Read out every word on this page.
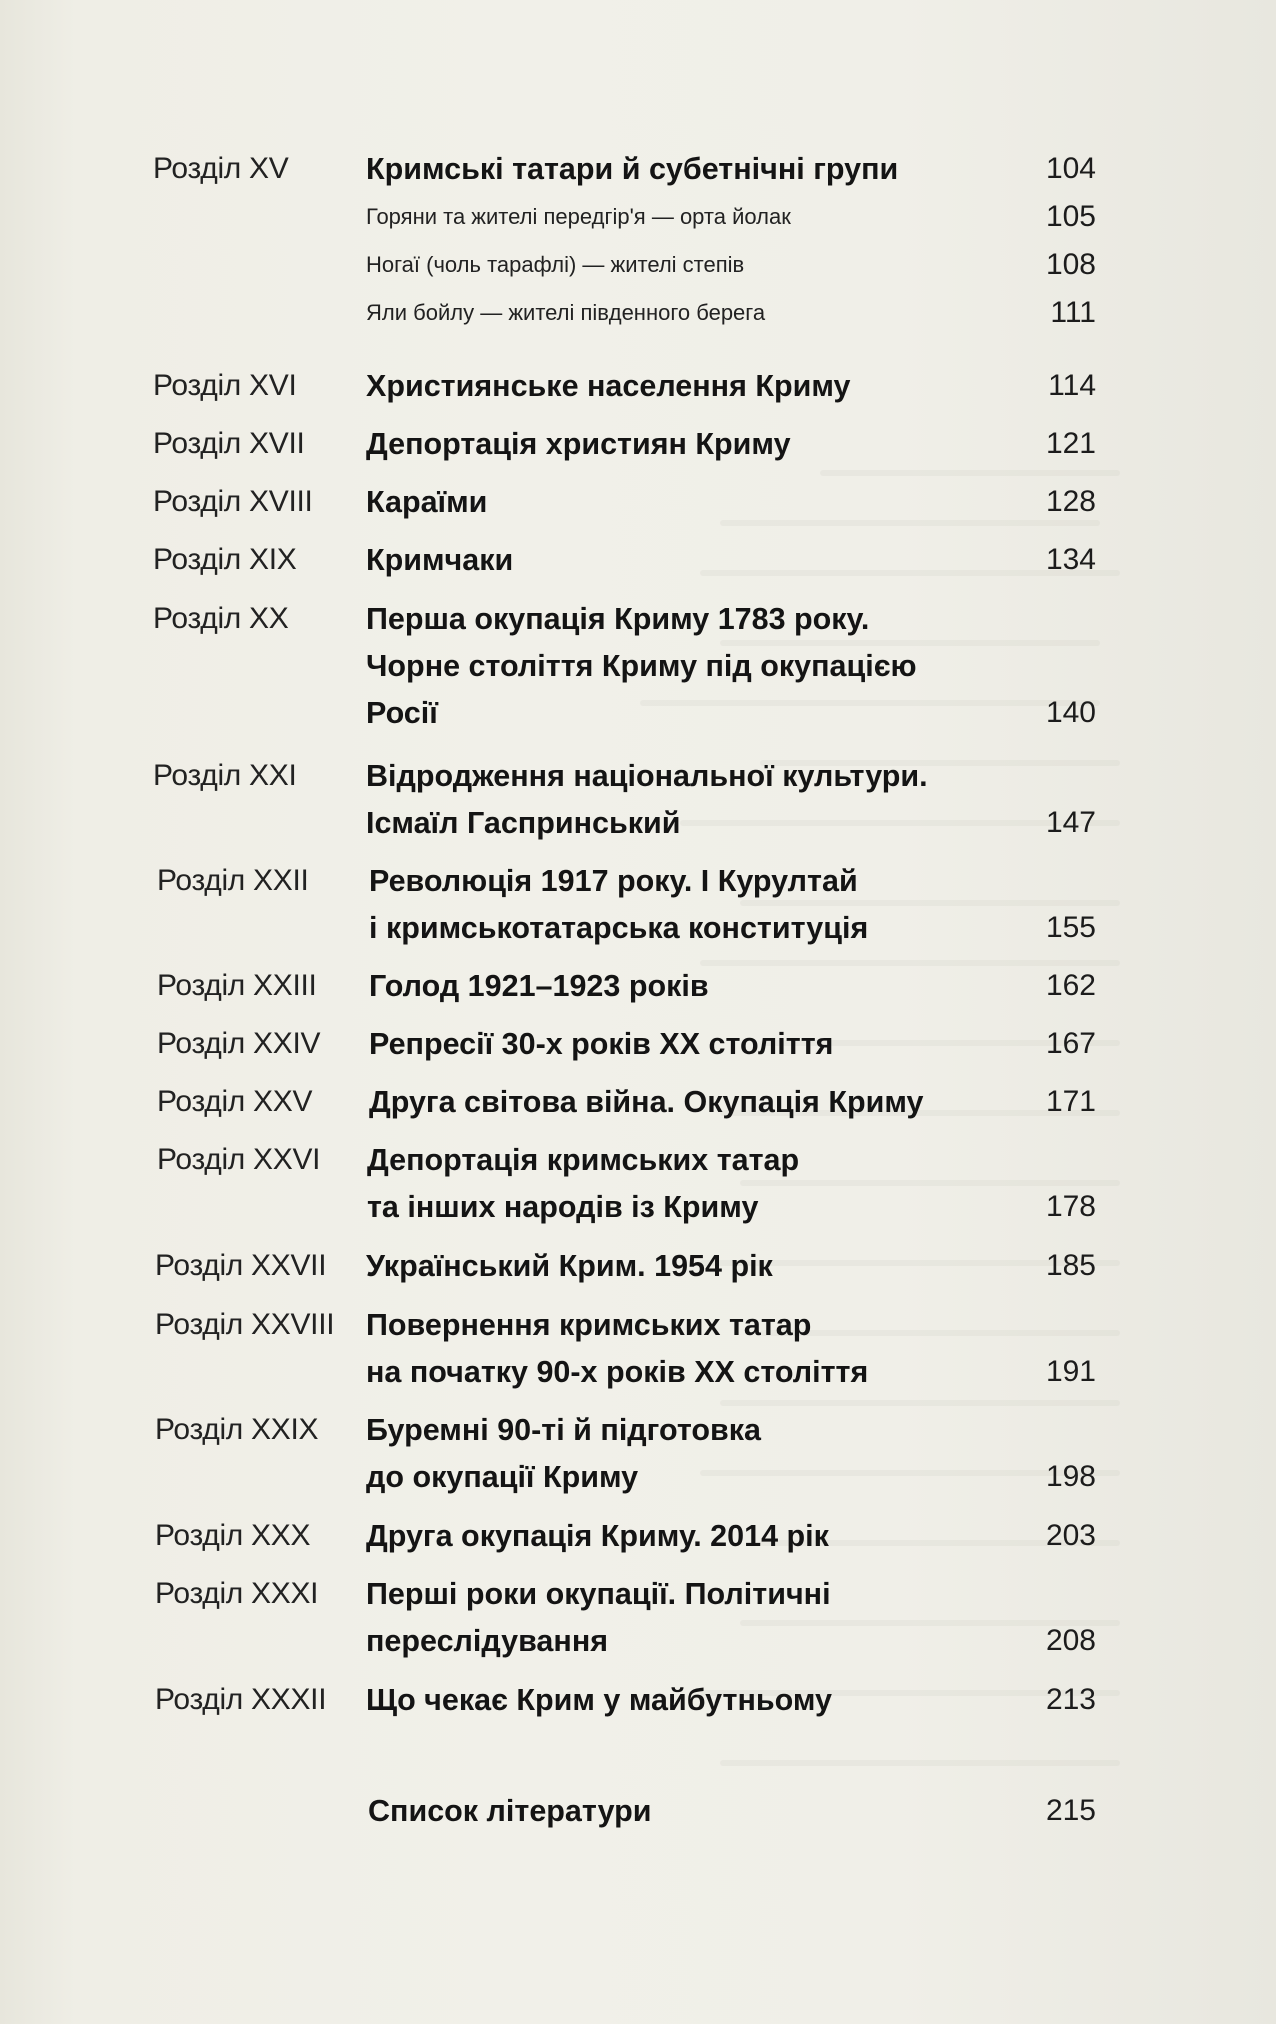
Розділ XV	Кримські татари й субетнічні групи	104
Горяни та жителі передгір'я — орта йолак	105
Ногаї (чоль тарафлі) — жителі степів	108
Яли бойлу — жителі південного берега	111
Розділ XVI Християнське населення Криму	114
Розділ XVII Депортація християн Криму	121
Розділ XVIII Караїми	128
Розділ XIX Кримчаки	134
Розділ XX	Перша окупація Криму 1783 року.
Чорне століття Криму під окупацією
Росії	140
Розділ XXI Відродження національної культури.
Ісмаїл Гаспринський	147
Розділ XXII Революція 1917 року. І Курултай
і кримськотатарська конституція	155
Розділ XXIII Голод 1921–1923 років	162
Розділ XXIV Репресії 30-х років XX століття	167
Розділ XXV Друга світова війна. Окупація Криму	171
Розділ XXVI Депортація кримських татар
та інших народів із Криму	178
Розділ XXVII Український Крим. 1954 рік	185
Розділ XXVIII Повернення кримських татар
на початку 90-х років XX століття	191
Розділ XXIX Буремні 90-ті й підготовка
до окупації Криму	198
Розділ XXX Друга окупація Криму. 2014 рік	203
Розділ XXXI Перші роки окупації. Політичні
переслідування	208
Розділ XXXII Що чекає Крим у майбутньому	213
Список літератури	215
